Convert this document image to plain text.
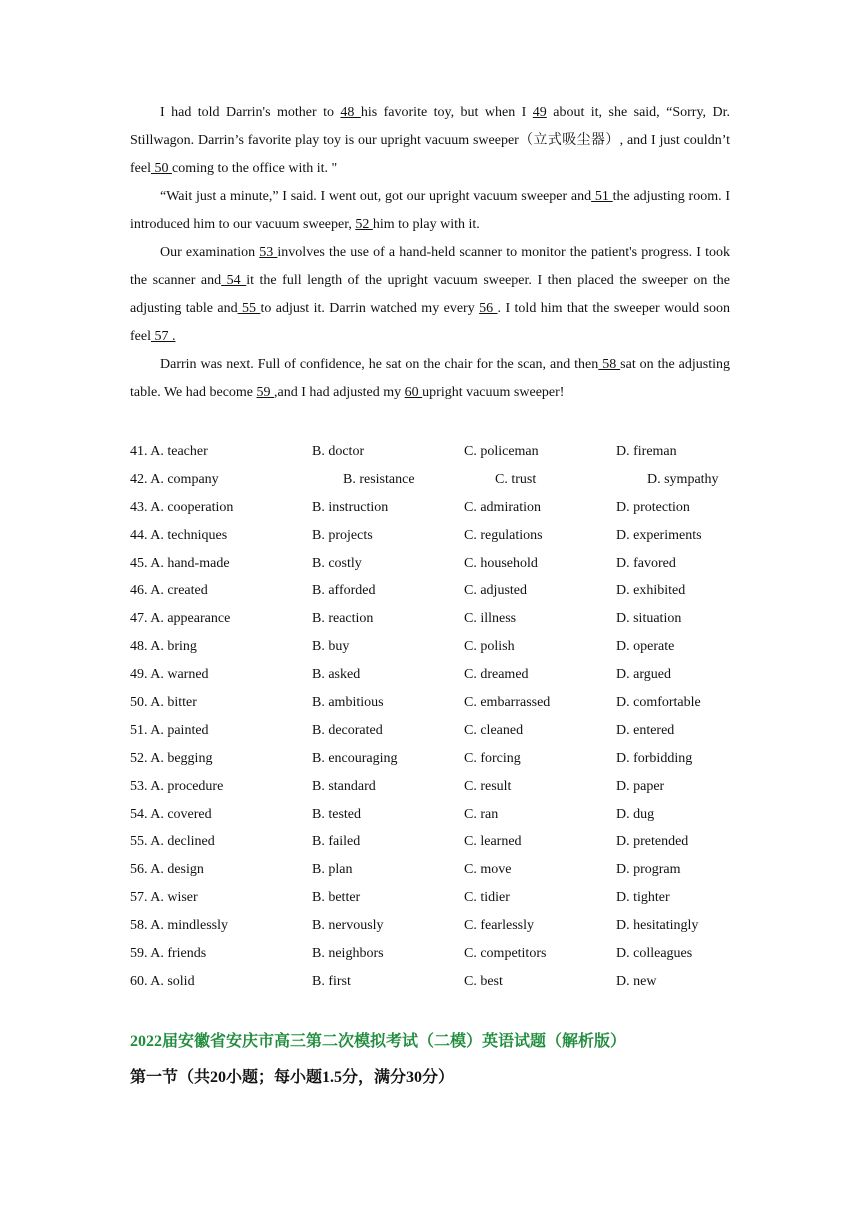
I had told Darrin's mother to 48 his favorite toy, but when I 49 about it, she said, “Sorry, Dr. Stillwagon. Darrin’s favorite play toy is our upright vacuum sweeper（立式吸尘器）, and I just couldn’t feel 50 coming to the office with it. "

“Wait just a minute,” I said. I went out, got our upright vacuum sweeper and 51 the adjusting room. I introduced him to our vacuum sweeper, 52 him to play with it.

Our examination 53 involves the use of a hand-held scanner to monitor the patient's progress. I took the scanner and 54 it the full length of the upright vacuum sweeper. I then placed the sweeper on the adjusting table and 55 to adjust it. Darrin watched my every 56 . I told him that the sweeper would soon feel 57 .

Darrin was next. Full of confidence, he sat on the chair for the scan, and then 58 sat on the adjusting table. We had become 59 ,and I had adjusted my 60 upright vacuum sweeper!

41. A. teacher	B. doctor	C. policeman	D. fireman
42. A. company	B. resistance	C. trust	D. sympathy
43. A. cooperation	B. instruction	C. admiration	D. protection
44. A. techniques	B. projects	C. regulations	D. experiments
45. A. hand-made	B. costly	C. household	D. favored
46. A. created	B. afforded	C. adjusted	D. exhibited
47. A. appearance	B. reaction	C. illness	D. situation
48. A. bring	B. buy	C. polish	D. operate
49. A. warned	B. asked	C. dreamed	D. argued
50. A. bitter	B. ambitious	C. embarrassed	D. comfortable
51. A. painted	B. decorated	C. cleaned	D. entered
52. A. begging	B. encouraging	C. forcing	D. forbidding
53. A. procedure	B. standard	C. result	D. paper
54. A. covered	B. tested	C. ran	D. dug
55. A. declined	B. failed	C. learned	D. pretended
56. A. design	B. plan	C. move	D. program
57. A. wiser	B. better	C. tidier	D. tighter
58. A. mindlessly	B. nervously	C. fearlessly	D. hesitatingly
59. A. friends	B. neighbors	C. competitors	D. colleagues
60. A. solid	B. first	C. best	D. new
2022届安徽省安庆市高三第二次模拟考试（二模）英语试题（解析版）
第一节（共20小题；每小题1.5分，满分30分）
